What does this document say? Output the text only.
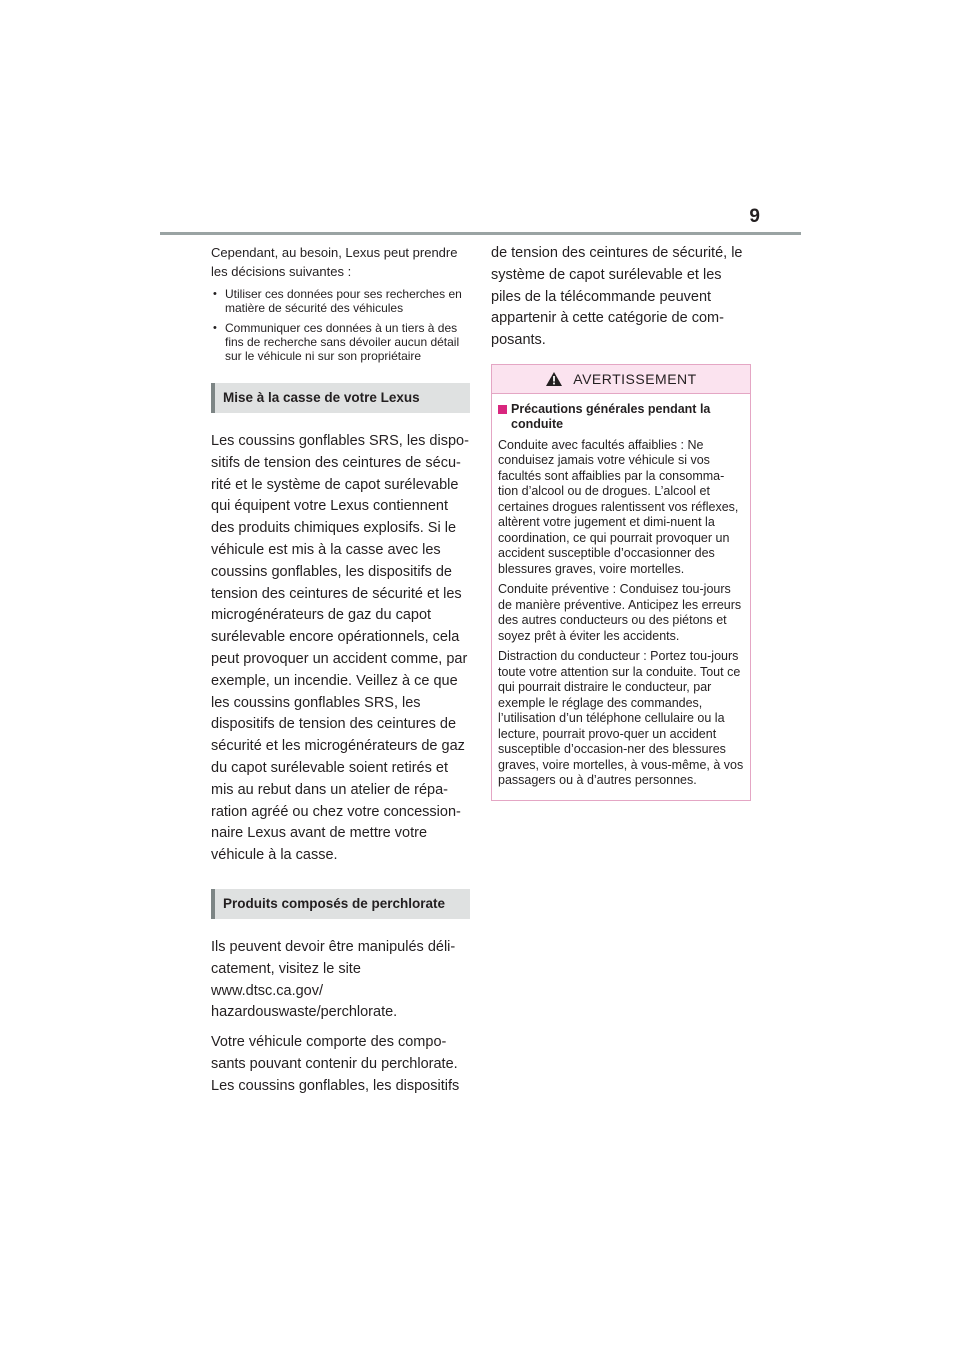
9

Cependant, au besoin, Lexus peut prendre les décisions suivantes :

• Utiliser ces données pour ses recherches en matière de sécurité des véhicules
• Communiquer ces données à un tiers à des fins de recherche sans dévoiler aucun détail sur le véhicule ni sur son propriétaire
Mise à la casse de votre Lexus

Les coussins gonflables SRS, les dispo-sitifs de tension des ceintures de sécu-rité et le système de capot surélevable qui équipent votre Lexus contiennent des produits chimiques explosifs. Si le véhicule est mis à la casse avec les coussins gonflables, les dispositifs de tension des ceintures de sécurité et les microgénérateurs de gaz du capot surélevable encore opérationnels, cela peut provoquer un accident comme, par exemple, un incendie. Veillez à ce que les coussins gonflables SRS, les dispositifs de tension des ceintures de sécurité et les microgénérateurs de gaz du capot surélevable soient retirés et mis au rebut dans un atelier de répa-ration agréé ou chez votre concession-naire Lexus avant de mettre votre véhicule à la casse.

Produits composés de perchlorate

Ils peuvent devoir être manipulés déli-catement, visitez le site www.dtsc.ca.gov/ hazardouswaste/perchlorate.

Votre véhicule comporte des compo-sants pouvant contenir du perchlorate. Les coussins gonflables, les dispositifs

de tension des ceintures de sécurité, le système de capot surélevable et les piles de la télécommande peuvent appartenir à cette catégorie de com-posants.

AVERTISSEMENT
Précautions générales pendant la conduite

Conduite avec facultés affaiblies : Ne conduisez jamais votre véhicule si vos facultés sont affaiblies par la consomma-tion d’alcool ou de drogues. L’alcool et certaines drogues ralentissent vos réflexes, altèrent votre jugement et dimi-nuent la coordination, ce qui pourrait provoquer un accident susceptible d’occasionner des blessures graves, voire mortelles.

Conduite préventive : Conduisez tou-jours de manière préventive. Anticipez les erreurs des autres conducteurs ou des piétons et soyez prêt à éviter les accidents.

Distraction du conducteur : Portez tou-jours toute votre attention sur la conduite. Tout ce qui pourrait distraire le conducteur, par exemple le réglage des commandes, l’utilisation d’un téléphone cellulaire ou la lecture, pourrait provo-quer un accident susceptible d’occasion-ner des blessures graves, voire mortelles, à vous-même, à vos passagers ou à d’autres personnes.
